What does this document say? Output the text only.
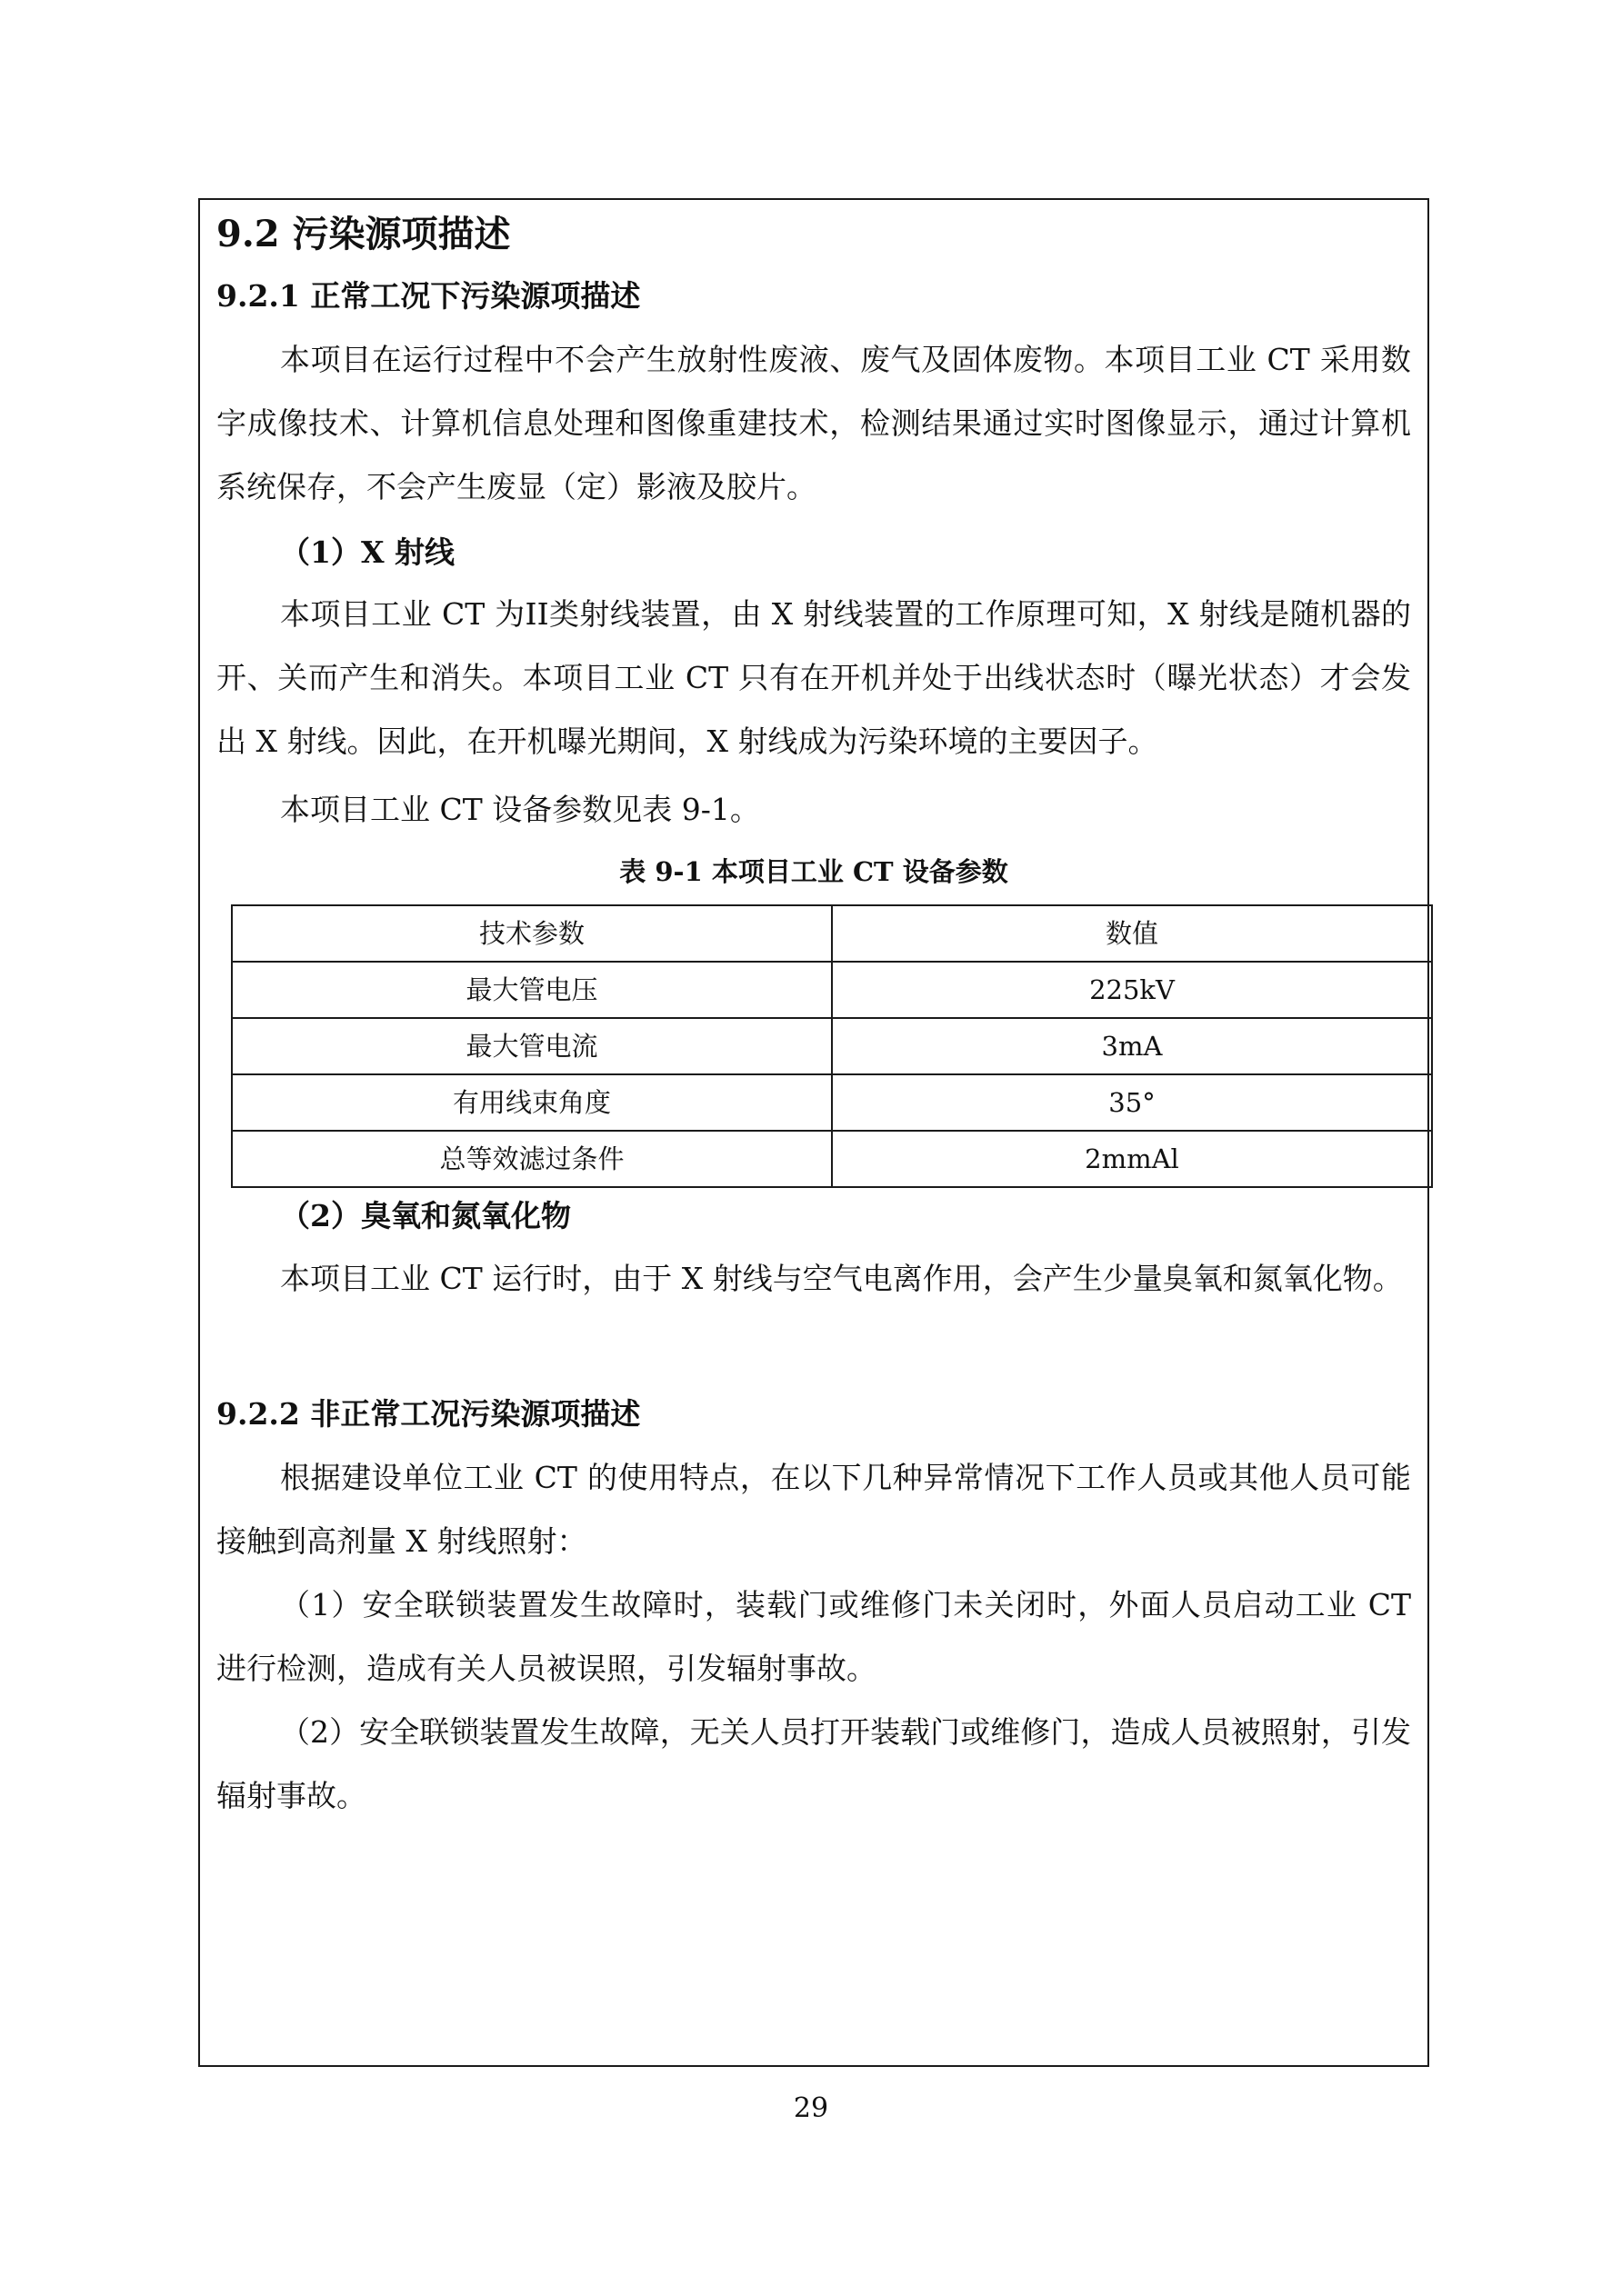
9.2 污染源项描述
9.2.1 正常工况下污染源项描述

本项目在运行过程中不会产生放射性废液、废气及固体废物。本项目工业 CT 采用数字成像技术、计算机信息处理和图像重建技术，检测结果通过实时图像显示，通过计算机系统保存，不会产生废显（定）影液及胶片。

（1）X 射线

本项目工业 CT 为II类射线装置，由 X 射线装置的工作原理可知，X 射线是随机器的开、关而产生和消失。本项目工业 CT 只有在开机并处于出线状态时（曝光状态）才会发出 X 射线。因此，在开机曝光期间，X 射线成为污染环境的主要因子。

本项目工业 CT 设备参数见表 9-1。

表 9-1 本项目工业 CT 设备参数
技术参数	数值
最大管电压	225kV
最大管电流	3mA
有用线束角度	35°
总等效滤过条件	2mmAl
（2）臭氧和氮氧化物

本项目工业 CT 运行时，由于 X 射线与空气电离作用，会产生少量臭氧和氮氧化物。

9.2.2 非正常工况污染源项描述

根据建设单位工业 CT 的使用特点，在以下几种异常情况下工作人员或其他人员可能接触到高剂量 X 射线照射：

（1）安全联锁装置发生故障时，装载门或维修门未关闭时，外面人员启动工业 CT 进行检测，造成有关人员被误照，引发辐射事故。

（2）安全联锁装置发生故障，无关人员打开装载门或维修门，造成人员被照射，引发辐射事故。

29
